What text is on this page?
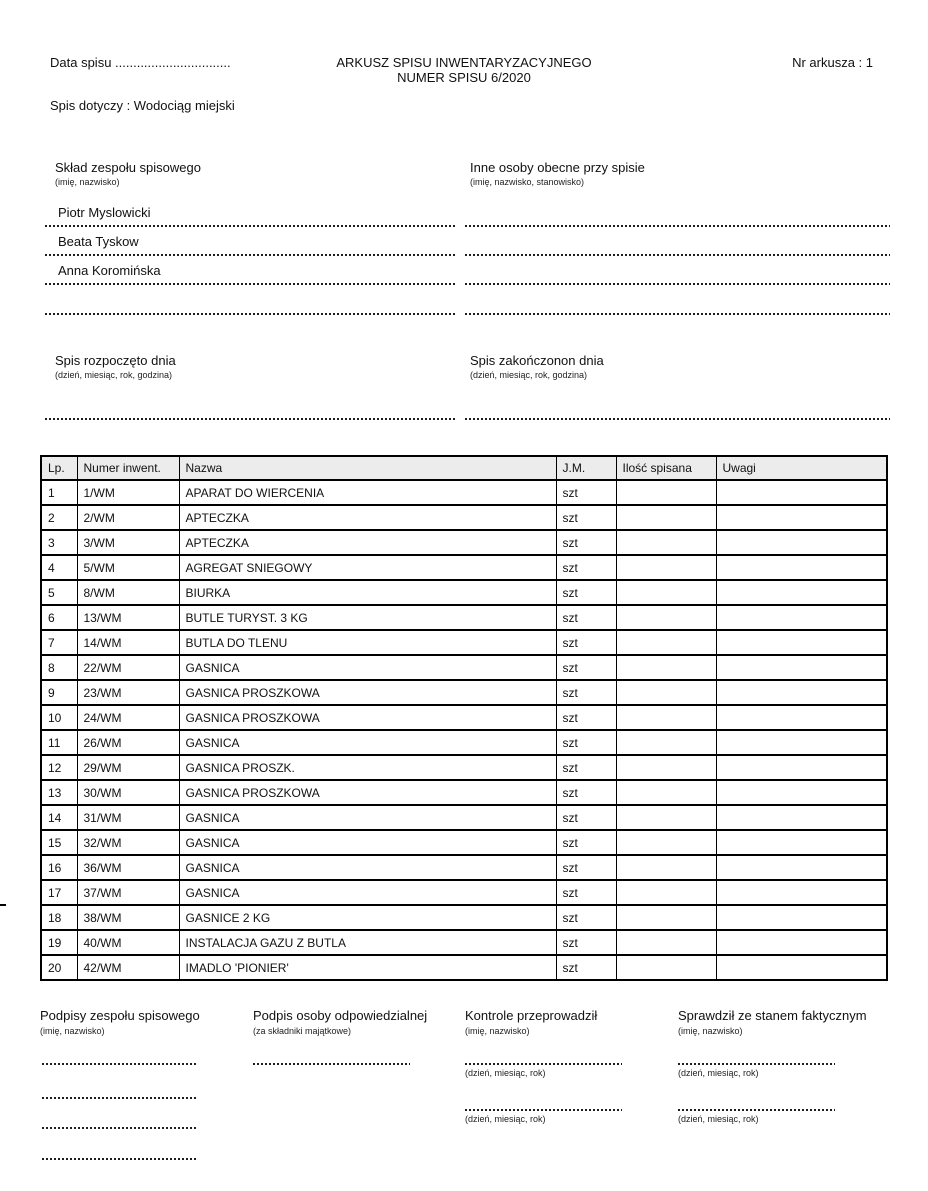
Data spisu ................................	ARKUSZ SPISU INWENTARYZACYJNEGO
NUMER SPISU 6/2020
Nr arkusza : 1
Spis dotyczy : Wodociąg miejski
Skład zespołu spisowego
(imię, nazwisko)
Inne osoby obecne przy spisie
(imię, nazwisko, stanowisko)
Piotr Myslowicki
Beata Tyskow
Anna Koromińska
Spis rozpoczęto dnia
(dzień, miesiąc, rok, godzina)
Spis zakończonon dnia
(dzień, miesiąc, rok, godzina)
Lp.	Numer inwent.	Nazwa	J.M.	Ilość spisana	Uwagi
1	1/WM	APARAT DO WIERCENIA	szt		
2	2/WM	APTECZKA	szt		
3	3/WM	APTECZKA	szt		
4	5/WM	AGREGAT SNIEGOWY	szt		
5	8/WM	BIURKA	szt		
6	13/WM	BUTLE TURYST. 3 KG	szt		
7	14/WM	BUTLA DO TLENU	szt		
8	22/WM	GASNICA	szt		
9	23/WM	GASNICA PROSZKOWA	szt		
10	24/WM	GASNICA PROSZKOWA	szt		
11	26/WM	GASNICA	szt		
12	29/WM	GASNICA PROSZK.	szt		
13	30/WM	GASNICA PROSZKOWA	szt		
14	31/WM	GASNICA	szt		
15	32/WM	GASNICA	szt		
16	36/WM	GASNICA	szt		
17	37/WM	GASNICA	szt		
18	38/WM	GASNICE 2 KG	szt		
19	40/WM	INSTALACJA GAZU Z BUTLA	szt		
20	42/WM	IMADLO 'PIONIER'	szt		
Podpisy zespołu spisowego
(imię, nazwisko)
Podpis osoby odpowiedzialnej
(za składniki majątkowe)
Kontrole przeprowadził
(imię, nazwisko)
Sprawdził ze stanem faktycznym
(imię, nazwisko)
(dzień, miesiąc, rok)
(dzień, miesiąc, rok)
(dzień, miesiąc, rok)
(dzień, miesiąc, rok)
